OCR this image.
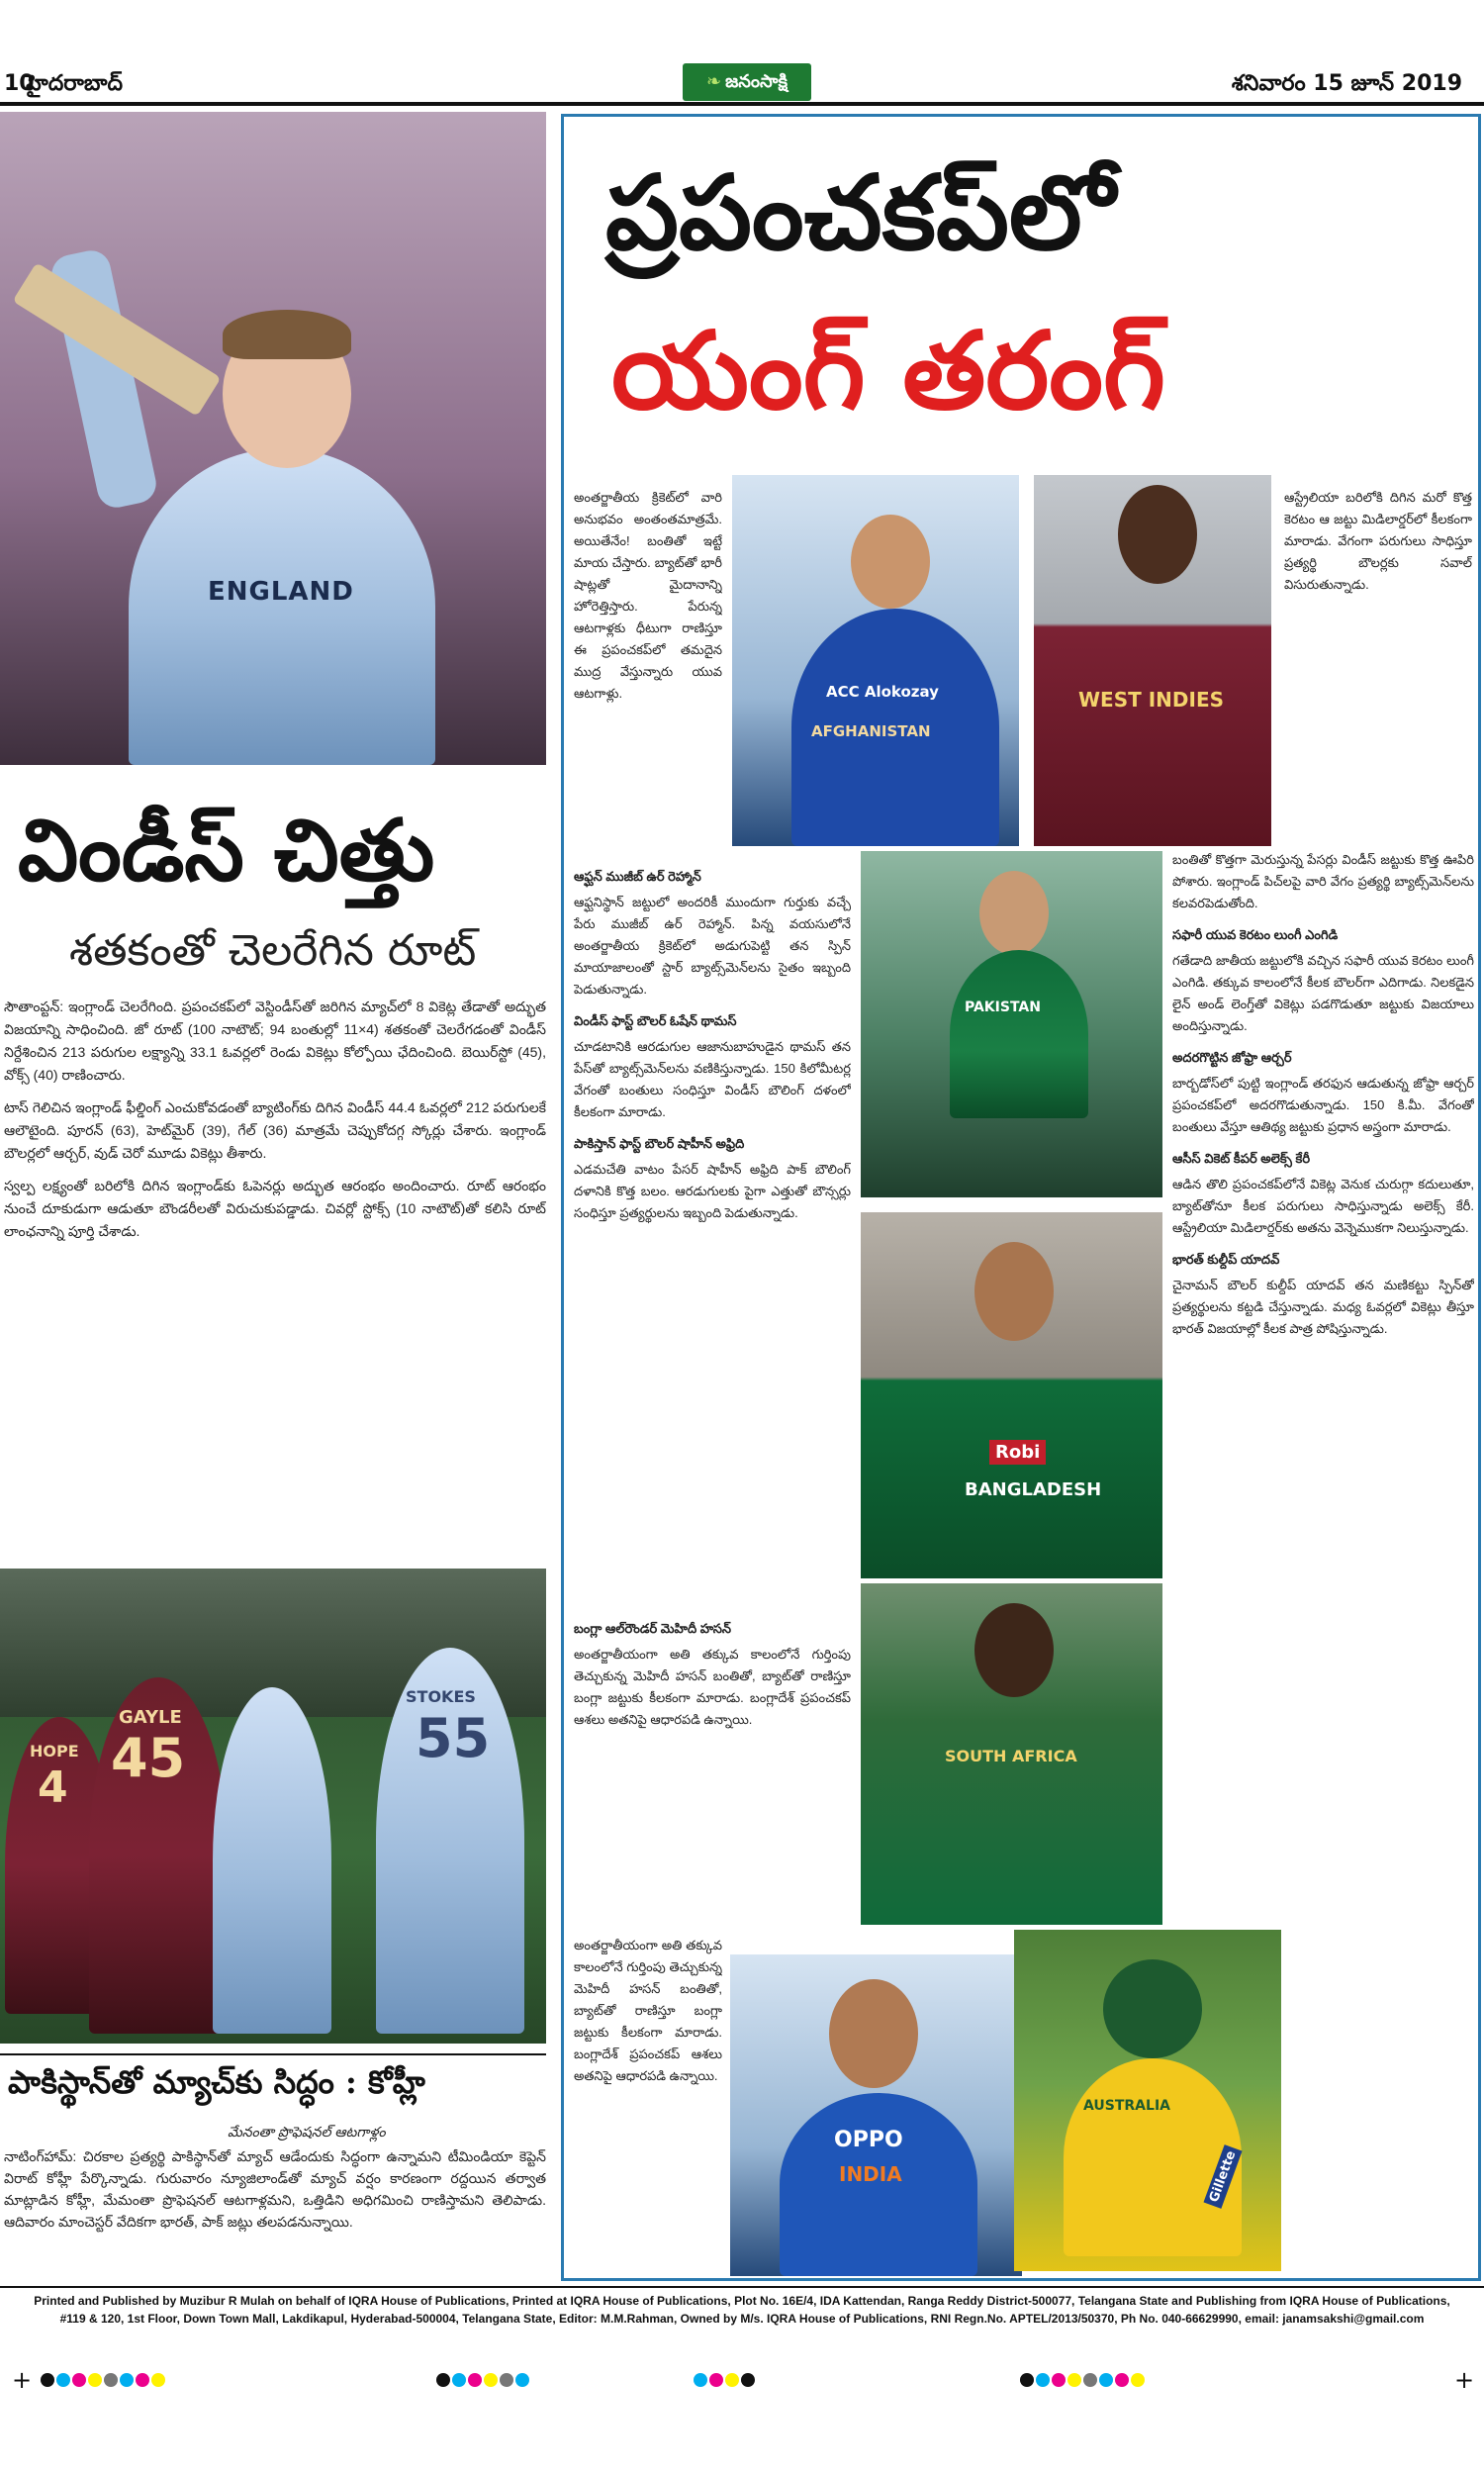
10
హైదరాబాద్	❧ జనంసాక్షి	శనివారం 15 జూన్ 2019
ENGLAND
విండీస్ చిత్తు
శతకంతో చెలరేగిన రూట్

సౌతాంప్టన్: ఇంగ్లాండ్ చెలరేగింది. ప్రపంచకప్‌లో వెస్టిండీస్‌తో జరిగిన మ్యాచ్‌లో 8 వికెట్ల తేడాతో అద్భుత విజయాన్ని సాధించింది. జో రూట్ (100 నాటౌట్; 94 బంతుల్లో 11×4) శతకంతో చెలరేగడంతో విండీస్ నిర్దేశించిన 213 పరుగుల లక్ష్యాన్ని 33.1 ఓవర్లలో రెండు వికెట్లు కోల్పోయి ఛేదించింది. బెయిర్‌స్టో (45), వోక్స్ (40) రాణించారు.

టాస్ గెలిచిన ఇంగ్లాండ్ ఫీల్డింగ్ ఎంచుకోవడంతో బ్యాటింగ్‌కు దిగిన విండీస్ 44.4 ఓవర్లలో 212 పరుగులకే ఆలౌటైంది. పూరన్ (63), హెట్‌మైర్ (39), గేల్ (36) మాత్రమే చెప్పుకోదగ్గ స్కోర్లు చేశారు. ఇంగ్లాండ్ బౌలర్లలో ఆర్చర్, వుడ్ చెరో మూడు వికెట్లు తీశారు.

స్వల్ప లక్ష్యంతో బరిలోకి దిగిన ఇంగ్లాండ్‌కు ఓపెనర్లు అద్భుత ఆరంభం అందించారు. రూట్ ఆరంభం నుంచే దూకుడుగా ఆడుతూ బౌండరీలతో విరుచుకుపడ్డాడు. చివర్లో స్టోక్స్ (10 నాటౌట్)తో కలిసి రూట్ లాంఛనాన్ని పూర్తి చేశాడు.

HOPE
4
GAYLE
45
STOKES
55
పాకిస్థాన్‌తో మ్యాచ్‌కు సిద్ధం : కోహ్లీ
మేనంతా ప్రొఫెషనల్ ఆటగాళ్లం
నాటింగ్‌హామ్: చిరకాల ప్రత్యర్థి పాకిస్థాన్‌తో మ్యాచ్ ఆడేందుకు సిద్ధంగా ఉన్నామని టీమిండియా కెప్టెన్ విరాట్ కోహ్లీ పేర్కొన్నాడు. గురువారం న్యూజిలాండ్‌తో మ్యాచ్ వర్షం కారణంగా రద్దయిన తర్వాత మాట్లాడిన కోహ్లీ, మేమంతా ప్రొఫెషనల్ ఆటగాళ్లమని, ఒత్తిడిని అధిగమించి రాణిస్తామని తెలిపాడు. ఆదివారం మాంచెస్టర్ వేదికగా భారత్, పాక్ జట్లు తలపడనున్నాయి.
ప్రపంచకప్‌లో
యంగ్ తరంగ్

అంతర్జాతీయ క్రికెట్‌లో వారి అనుభవం అంతంతమాత్రమే. అయితేనేం! బంతితో ఇట్టే మాయ చేస్తారు. బ్యాట్‌తో భారీ షాట్లతో మైదానాన్ని హోరెత్తిస్తారు. పేరున్న ఆటగాళ్లకు ధీటుగా రాణిస్తూ ఈ ప్రపంచకప్‌లో తమదైన ముద్ర వేస్తున్నారు యువ ఆటగాళ్లు.	ACC Alokozay
AFGHANISTAN
WEST INDIES

ఆస్ట్రేలియా బరిలోకి దిగిన మరో కొత్త కెరటం ఆ జట్టు మిడిలార్డర్‌లో కీలకంగా మారాడు. వేగంగా పరుగులు సాధిస్తూ ప్రత్యర్థి బౌలర్లకు సవాల్ విసురుతున్నాడు.

ఆఫ్ఘన్ ముజీబ్ ఉర్ రెహ్మాన్

ఆఫ్ఘనిస్థాన్ జట్టులో అందరికీ ముందుగా గుర్తుకు వచ్చే పేరు ముజీబ్ ఉర్ రెహ్మాన్. పిన్న వయసులోనే అంతర్జాతీయ క్రికెట్‌లో అడుగుపెట్టి తన స్పిన్ మాయాజాలంతో స్టార్ బ్యాట్స్‌మెన్‌లను సైతం ఇబ్బంది పెడుతున్నాడు.

విండీస్ ఫాస్ట్ బౌలర్ ఓషేన్ థామస్

చూడటానికి ఆరడుగుల ఆజానుబాహుడైన థామస్ తన పేస్‌తో బ్యాట్స్‌మెన్‌లను వణికిస్తున్నాడు. 150 కిలోమీటర్ల వేగంతో బంతులు సంధిస్తూ విండీస్ బౌలింగ్ దళంలో కీలకంగా మారాడు.

పాకిస్తాన్ ఫాస్ట్ బౌలర్ షాహీన్ అఫ్రిది

ఎడమచేతి వాటం పేసర్ షాహీన్ అఫ్రిది పాక్ బౌలింగ్ దళానికి కొత్త బలం. ఆరడుగులకు పైగా ఎత్తుతో బౌన్సర్లు సంధిస్తూ ప్రత్యర్థులను ఇబ్బంది పెడుతున్నాడు.

బంతితో కొత్తగా మెరుస్తున్న పేసర్లు విండీస్ జట్టుకు కొత్త ఊపిరి పోశారు. ఇంగ్లాండ్ పిచ్‌లపై వారి వేగం ప్రత్యర్థి బ్యాట్స్‌మెన్‌లను కలవరపెడుతోంది.

సఫారీ యువ కెరటం లుంగీ ఎంగిడి

గతేడాది జాతీయ జట్టులోకి వచ్చిన సఫారీ యువ కెరటం లుంగీ ఎంగిడి. తక్కువ కాలంలోనే కీలక బౌలర్‌గా ఎదిగాడు. నిలకడైన లైన్ అండ్ లెంగ్త్‌తో వికెట్లు పడగొడుతూ జట్టుకు విజయాలు అందిస్తున్నాడు.

అదరగొట్టిన జోఫ్రా ఆర్చర్

బార్బడోస్‌లో పుట్టి ఇంగ్లాండ్ తరఫున ఆడుతున్న జోఫ్రా ఆర్చర్ ప్రపంచకప్‌లో అదరగొడుతున్నాడు. 150 కి.మీ. వేగంతో బంతులు వేస్తూ ఆతిథ్య జట్టుకు ప్రధాన అస్త్రంగా మారాడు.

ఆసీస్ వికెట్ కీపర్ అలెక్స్ కేరీ

ఆడిన తొలి ప్రపంచకప్‌లోనే వికెట్ల వెనుక చురుగ్గా కదులుతూ, బ్యాట్‌తోనూ కీలక పరుగులు సాధిస్తున్నాడు అలెక్స్ కేరీ. ఆస్ట్రేలియా మిడిలార్డర్‌కు అతను వెన్నెముకగా నిలుస్తున్నాడు.

భారత్ కుల్దీప్ యాదవ్

చైనామన్ బౌలర్ కుల్దీప్ యాదవ్ తన మణికట్టు స్పిన్‌తో ప్రత్యర్థులను కట్టడి చేస్తున్నాడు. మధ్య ఓవర్లలో వికెట్లు తీస్తూ భారత్ విజయాల్లో కీలక పాత్ర పోషిస్తున్నాడు.

PAKISTAN
Robi
BANGLADESH
బంగ్లా ఆల్‌రౌండర్ మెహిదీ హసన్

అంతర్జాతీయంగా అతి తక్కువ కాలంలోనే గుర్తింపు తెచ్చుకున్న మెహిదీ హసన్ బంతితో, బ్యాట్‌తో రాణిస్తూ బంగ్లా జట్టుకు కీలకంగా మారాడు. బంగ్లాదేశ్ ప్రపంచకప్ ఆశలు అతనిపై ఆధారపడి ఉన్నాయి.

SOUTH AFRICA
OPPO
INDIA	Gillette
AUSTRALIA

అంతర్జాతీయంగా అతి తక్కువ కాలంలోనే గుర్తింపు తెచ్చుకున్న మెహిదీ హసన్ బంతితో, బ్యాట్‌తో రాణిస్తూ బంగ్లా జట్టుకు కీలకంగా మారాడు. బంగ్లాదేశ్ ప్రపంచకప్ ఆశలు అతనిపై ఆధారపడి ఉన్నాయి.

Printed and Published by Muzibur R Mulah on behalf of IQRA House of Publications, Printed at IQRA House of Publications, Plot No. 16E/4, IDA Kattendan, Ranga Reddy District-500077, Telangana State and Publishing from IQRA House of Publications,
#119 & 120, 1st Floor, Down Town Mall, Lakdikapul, Hyderabad-500004, Telangana State, Editor: M.M.Rahman, Owned by M/s. IQRA House of Publications, RNI Regn.No. APTEL/2013/50370, Ph No. 040-66629990, email: janamsakshi@gmail.com
+	+
